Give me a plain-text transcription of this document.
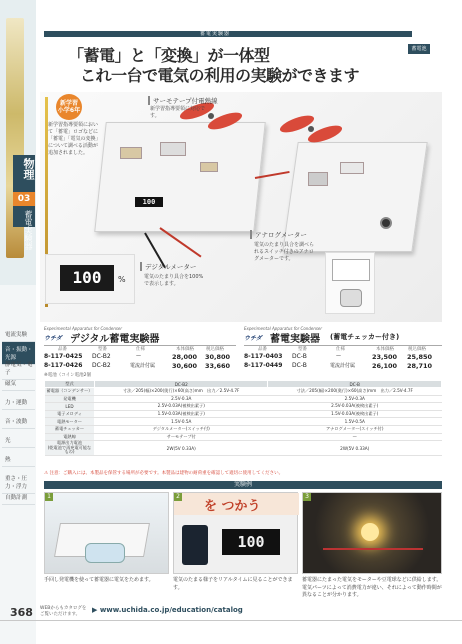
物理
03
蓄電実験器
電流実験
音・振動・光源
静電気・電子
磁気
力・運動
音・波動
光
熱
重さ・圧力・浮力
自動計測
蓄電実験器
「蓄電」と「変換」が一体型
これ一台で電気の利用の実験ができます
蓄電池
100
新学習
小学6年
新学習指導要領において「蓄電」ロゴなどに「蓄電」「電気の変換」について調べる活動が追加されました。
サーモテープ付電熱線
新学習指導要領に対応です。
アナログメーター
電気のたまり具合を調べられるスイッチ付きのアナログメーターです。
100	%
デジタルメーター
電気のたまり具合を100%で表示します。
Experimental Apparatus for Condenser
ウチダ デジタル蓄電実験器
品番	型番	仕様	本体価格	税込価格
8-117-0425 DC-B2	—	28,000 30,800
8-117-0426 DC-B2	電流計付属	30,600 33,660
※電池（コイン電池2個
Experimental Apparatus for Condenser
ウチダ 蓄電実験器 (蓄電チェッカー付き)
品番	型番	仕様	本体価格	税込価格
8-117-0403 DC-B	—	23,500 25,850
8-117-0449 DC-B	電流計付属	26,100 28,710
型式	DC-B2	DC-B
蓄電器（コンデンサー）	寸法／205(幅)×200(奥行)×60(高さ)mm　出力／2.5V-4.7F	寸法／205(幅)×200(奥行)×60(高さ)mm　出力／2.5V-4.7F
発電機	2.5V-0.3A	2.5V-0.3A
LED	2.5V-0.03A(被検出素子)	2.5V-0.03A(被検出素子)
電子メロディ	1.5V-0.03A(被検出素子)	1.5V-0.03A(被検出素子)
電熱モーター	1.5V-0.5A	1.5V-0.5A
蓄電チェッカー	デジタルメーター(スイッチ付)	アナログメーター(スイッチ付)
電熱線	サーモテープ付	—
電源出力電池
(乾電池で再充電可能なもの)	2W(5V 0.33A)	2W(5V 0.33A)
⚠ 注意：ご購入には、本製品を保管する場所が必要です。本製品は建物の耐荷重を確認して適切に使用してください。
実験例
1
手回し発電機を使って蓄電器に電気をためます。
を つかう
100
2
電気のたまる様子をリアルタイムに見ることができます。
3
蓄電器にたまった電気をモーターや豆電球などに供給します。電気パーツによって消費電力が違い、それによって動作時間が異なることが分かります。
368 WEBからもカタログを
ご覧いただけます。
▶ www.uchida.co.jp/education/catalog
